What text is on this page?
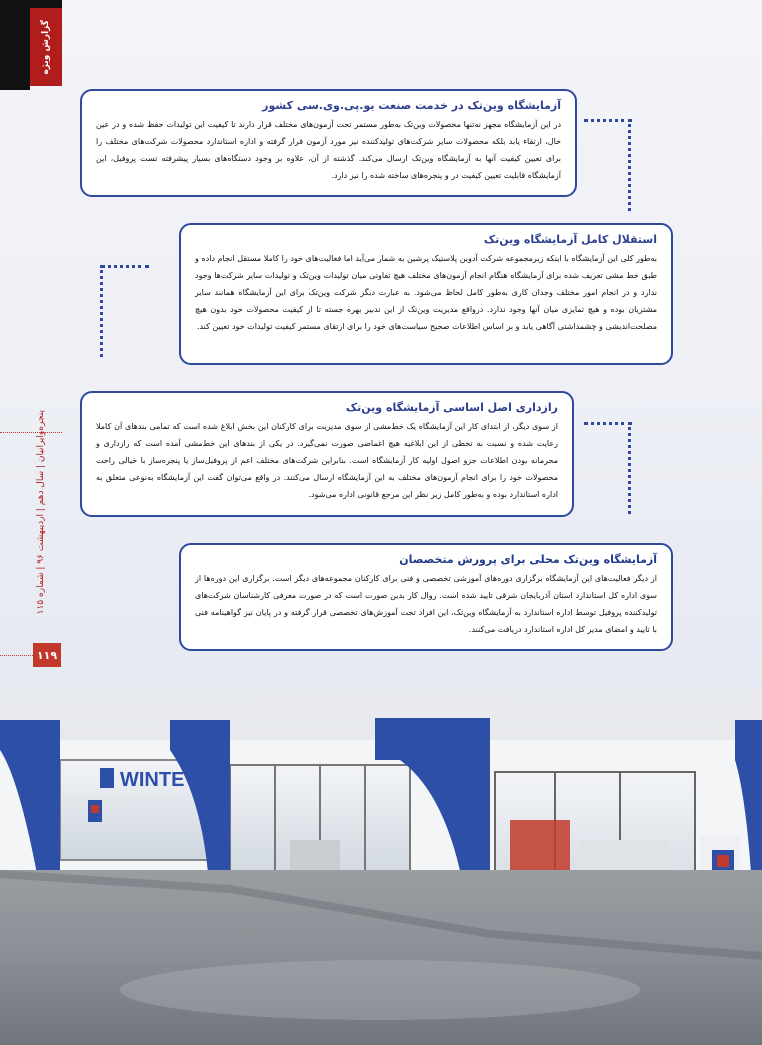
گزارش ویژه
پنجره‌وایرانیان | سال دهم | اردیبهشت ۹۶ | شماره ۱۱۵
۱۱۹
آزمایشگاه وین‌تک در خدمت صنعت یو.پی.وی.سی کشور

در این آزمایشگاه مجهز نه‌تنها محصولات وین‌تک به‌طور مستمر تحت آزمون‌های مختلف قرار دارند تا کیفیت این تولیدات حفظ شده و در عین حال، ارتقاء یابد بلکه محصولات سایر شرکت‌های تولیدکننده نیز مورد آزمون قرار گرفته و اداره استاندارد محصولات شرکت‌های مختلف را برای تعیین کیفیت آنها به آزمایشگاه وین‌تک ارسال می‌کند. گذشته از آن، علاوه بر وجود دستگاه‌های بسیار پیشرفته تست پروفیل، این آزمایشگاه قابلیت تعیین کیفیت در و پنجره‌های ساخته شده را نیز دارد.

استقلال کامل آزمایشگاه وین‌تک

به‌طور کلی این آزمایشگاه با اینکه زیرمجموعه شرکت آدوین پلاستیک پرشین به شمار می‌آید اما فعالیت‌های خود را کاملا مستقل انجام داده و طبق خط مشی تعریف شده برای آزمایشگاه هنگام انجام آزمون‌های مختلف هیچ تفاوتی میان تولیدات وین‌تک و تولیدات سایر شرکت‌ها وجود ندارد و در انجام امور مختلف وجدان کاری به‌طور کامل لحاظ می‌شود. به عبارت دیگر شرکت وین‌تک برای این آزمایشگاه همانند سایر مشتریان بوده و هیچ تمایزی میان آنها وجود ندارد. درواقع مدیریت وین‌تک از این تدبیر بهره جسته تا از کیفیت محصولات خود بدون هیچ مصلحت‌اندیشی و چشمداشتی آگاهی یابد و بر اساس اطلاعات صحیح سیاست‌های خود را برای ارتقای مستمر کیفیت تولیدات خود تعیین کند.

رازداری اصل اساسی آزمایشگاه وین‌تک

از سوی دیگر، از ابتدای کار این آزمایشگاه یک خط‌مشی از سوی مدیریت برای کارکنان این بخش ابلاغ شده است که تمامی بندهای آن کاملا رعایت شده و نسبت به تخطی از این ابلاغیه هیچ اغماضی صورت نمی‌گیرد. در یکی از بندهای این خط‌مشی آمده است که رازداری و محرمانه بودن اطلاعات جزو اصول اولیه کار آزمایشگاه است. بنابراین شرکت‌های مختلف اعم از پروفیل‌ساز یا پنجره‌ساز با خیالی راحت محصولات خود را برای انجام آزمون‌های مختلف به این آزمایشگاه ارسال می‌کنند. در واقع می‌توان گفت این آزمایشگاه به‌نوعی متعلق به اداره استاندارد بوده و به‌طور کامل زیر نظر این مرجع قانونی اداره می‌شود.

آزمایشگاه وین‌تک محلی برای پرورش متخصصان

از دیگر فعالیت‌های این آزمایشگاه برگزاری دوره‌های آموزشی تخصصی و فنی برای کارکنان مجموعه‌های دیگر است. برگزاری این دوره‌ها از سوی اداره کل استاندارد استان آذربایجان شرقی تایید شده است. روال کار بدین صورت است که در صورت معرفی کارشناسان شرکت‌های تولیدکننده پروفیل توسط اداره استاندارد به آزمایشگاه وین‌تک، این افراد تحت آموزش‌های تخصصی قرار گرفته و در پایان نیز گواهینامه فنی با تایید و امضای مدیر کل اداره استاندارد دریافت می‌کنند.

WINTE
